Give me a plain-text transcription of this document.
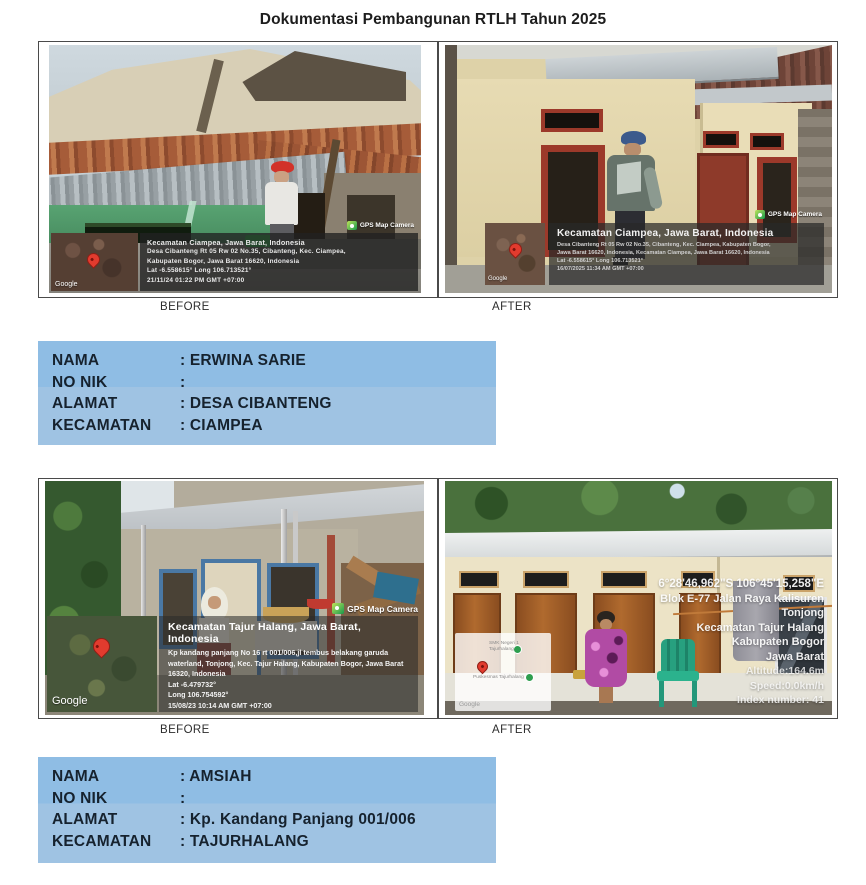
Dokumentasi Pembangunan RTLH Tahun 2025
GPS Map Camera
Google
Kecamatan Ciampea, Jawa Barat, Indonesia
Desa Cibanteng Rt 05 Rw 02 No.35, Cibanteng, Kec. Ciampea,
Kabupaten Bogor, Jawa Barat 16620, Indonesia
Lat -6.558615° Long 106.713521°
21/11/24 01:22 PM GMT +07:00
GPS Map Camera
Google
Kecamatan Ciampea, Jawa Barat, Indonesia
Desa Cibanteng Rt 05 Rw 02 No.35, Cibanteng, Kec. Ciampea, Kabupaten Bogor,
Jawa Barat 16620, Indonesia, Kecamatan Ciampea, Jawa Barat 16620, Indonesia
Lat -6.558615° Long 106.713521°
16/07/2025 11:34 AM GMT +07:00
BEFORE	AFTER
NAMA	: ERWINA SARIE
NO NIK	:
ALAMAT	: DESA CIBANTENG
KECAMATAN	: CIAMPEA
GPS Map Camera
Google
Kecamatan Tajur Halang, Jawa Barat, Indonesia
Kp kandang panjang No 16 rt 001/006,jl tembus belakang garuda
waterland, Tonjong, Kec. Tajur Halang, Kabupaten Bogor, Jawa Barat
16320, Indonesia
Lat -6.479732°
Long 106.754592°
15/08/23 10:14 AM GMT +07:00
SMK Negeri 1 Tajurhalang
Puskesmas Tajurhalang
Google
6°28'46,962"S 106°45'15,258"E
Blok E-77 Jalan Raya Kalisuren
Tonjong
Kecamatan Tajur Halang
Kabupaten Bogor
Jawa Barat
Altitude:164.6m
Speed:0.0km/h
Index number: 41
BEFORE	AFTER
NAMA	: AMSIAH
NO NIK	:
ALAMAT	: Kp. Kandang Panjang 001/006
KECAMATAN	: TAJURHALANG
